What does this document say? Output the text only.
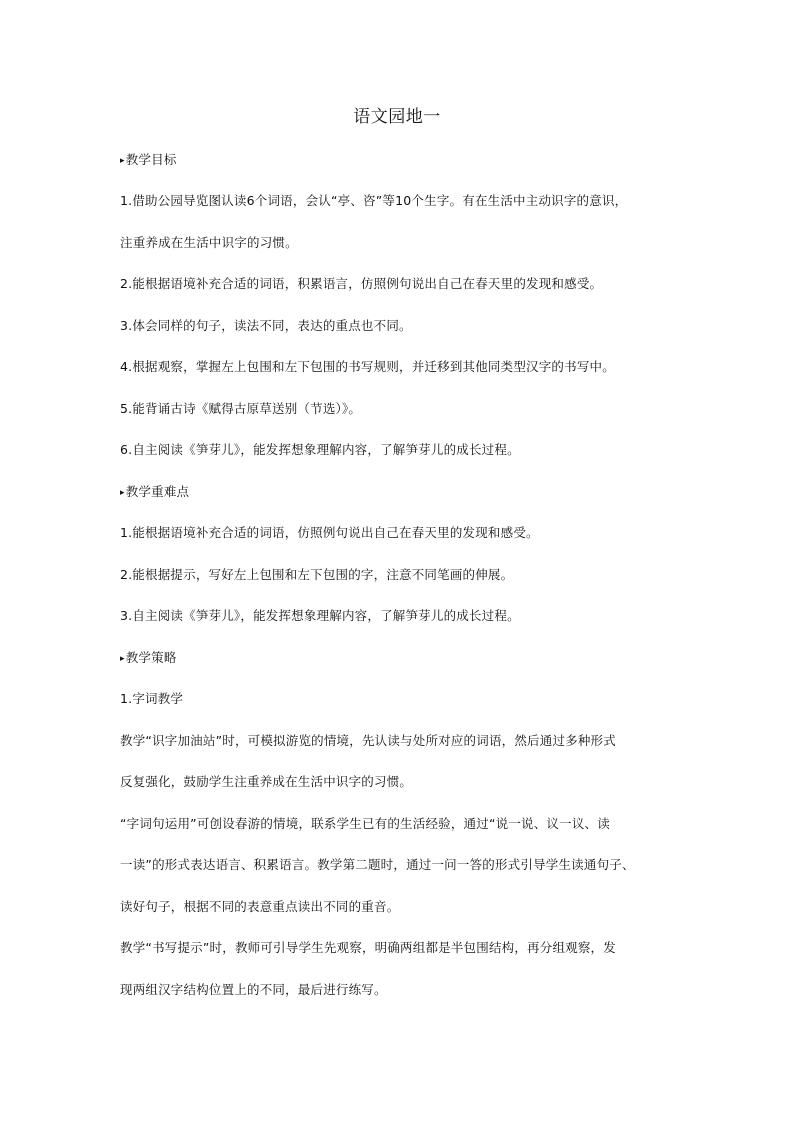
语文园地一
▸教学目标
1.借助公园导览图认读6个词语，会认“亭、咨”等10个生字。有在生活中主动识字的意识，
注重养成在生活中识字的习惯。
2.能根据语境补充合适的词语，积累语言，仿照例句说出自己在春天里的发现和感受。
3.体会同样的句子，读法不同，表达的重点也不同。
4.根据观察，掌握左上包围和左下包围的书写规则，并迁移到其他同类型汉字的书写中。
5.能背诵古诗《赋得古原草送别（节选）》。
6.自主阅读《笋芽儿》，能发挥想象理解内容，了解笋芽儿的成长过程。
▸教学重难点
1.能根据语境补充合适的词语，仿照例句说出自己在春天里的发现和感受。
2.能根据提示，写好左上包围和左下包围的字，注意不同笔画的伸展。
3.自主阅读《笋芽儿》，能发挥想象理解内容，了解笋芽儿的成长过程。
▸教学策略
1.字词教学
教学“识字加油站”时，可模拟游览的情境，先认读与处所对应的词语，然后通过多种形式
反复强化，鼓励学生注重养成在生活中识字的习惯。
“字词句运用”可创设春游的情境，联系学生已有的生活经验，通过“说一说、议一议、读
一读”的形式表达语言、积累语言。教学第二题时，通过一问一答的形式引导学生读通句子、
读好句子，根据不同的表意重点读出不同的重音。
教学“书写提示”时，教师可引导学生先观察，明确两组都是半包围结构，再分组观察，发
现两组汉字结构位置上的不同，最后进行练写。
